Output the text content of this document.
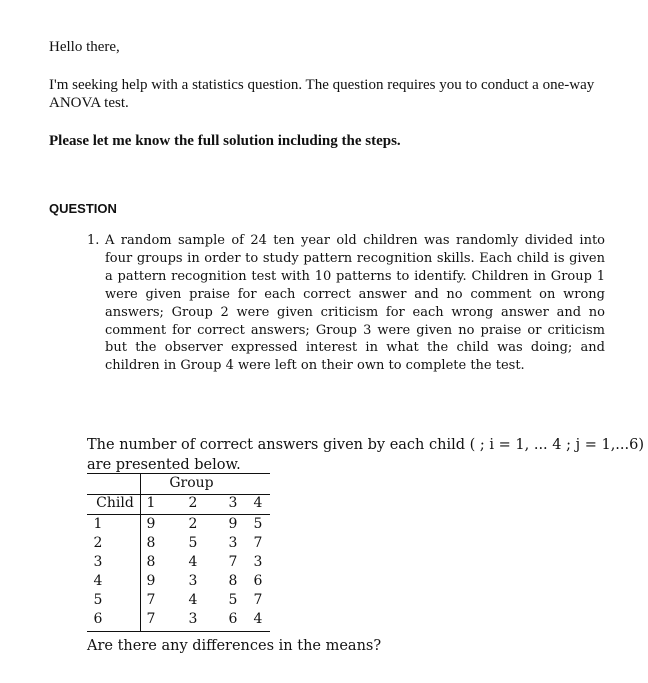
Hello there,
I'm seeking help with a statistics question. The question requires you to conduct a one-way
ANOVA test.
Please let me know the full solution including the steps.
QUESTION
1. A random sample of 24 ten year old children was randomly divided into four groups in order to study pattern recognition skills. Each child is given a pattern recognition test with 10 patterns to identify. Children in Group 1 were given praise for each correct answer and no comment on wrong answers; Group 2 were given criticism for each wrong answer and no comment for correct answers; Group 3 were given no praise or criticism but the observer expressed interest in what the child was doing; and children in Group 4 were left on their own to complete the test.
The number of correct answers given by each child ( ; i = 1, ... 4 ; j = 1,...6)
are presented below.
Group
Child 1 2 3 4
1	9 2 9 5
2	8 5 3 7
3	8 4 7 3
4	9 3 8 6
5	7 4 5 7
6	7 3 6 4
Are there any differences in the means?
